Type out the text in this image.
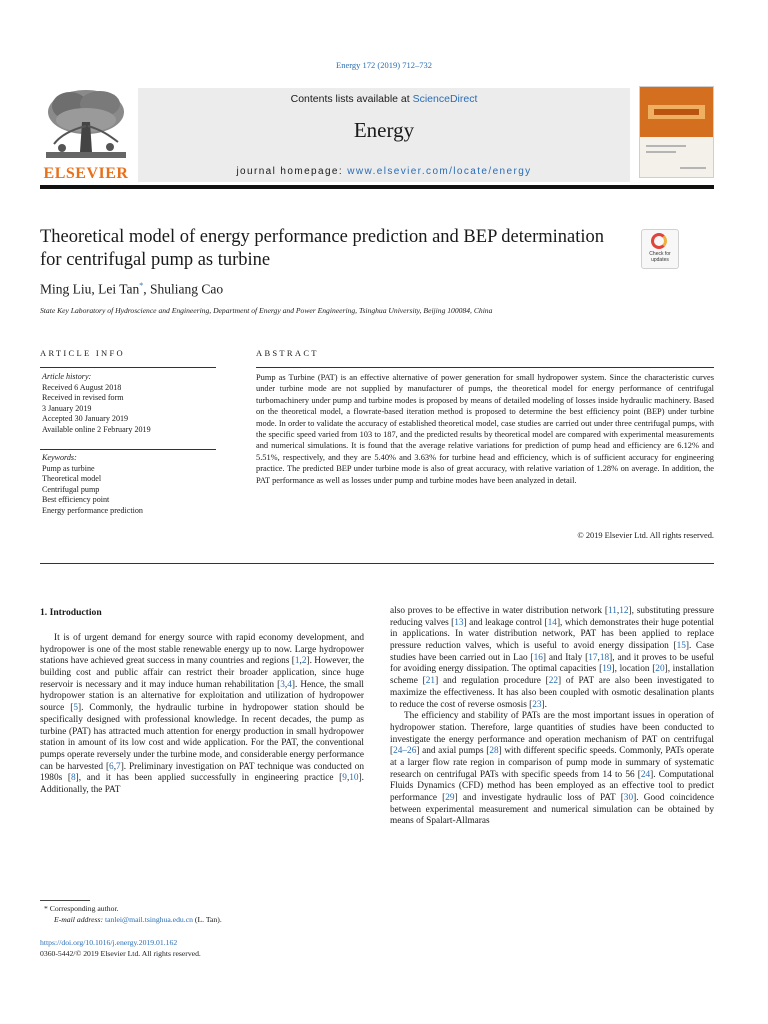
Energy 172 (2019) 712–732
ELSEVIER
Contents lists available at ScienceDirect
Energy
journal homepage: www.elsevier.com/locate/energy
Theoretical model of energy performance prediction and BEP determination for centrifugal pump as turbine	Check for updates
Ming Liu, Lei Tan*, Shuliang Cao
State Key Laboratory of Hydroscience and Engineering, Department of Energy and Power Engineering, Tsinghua University, Beijing 100084, China
ARTICLE INFO	ABSTRACT
Article history:
Received 6 August 2018
Received in revised form
3 January 2019
Accepted 30 January 2019
Available online 2 February 2019
Keywords:
Pump as turbine
Theoretical model
Centrifugal pump
Best efficiency point
Energy performance prediction
Pump as Turbine (PAT) is an effective alternative of power generation for small hydropower system. Since the characteristic curves under turbine mode are not supplied by manufacturer of pumps, the theoretical model for energy performance of centrifugal turbomachinery under pump and turbine modes is proposed by means of detailed modeling of losses inside hydraulic machinery. Based on the theoretical model, a flowrate-based iteration method is proposed to determine the best efficiency point (BEP) under turbine mode. In order to validate the accuracy of established theoretical model, case studies are carried out under three centrifugal pumps, with the specific speed varied from 103 to 187, and the predicted results by theoretical model are compared with experimental measurements and numerical simulations. It is found that the average relative variations for prediction of pump head and efficiency are 6.12% and 5.51%, respectively, and they are 5.40% and 3.63% for turbine head and efficiency, which is of sufficient accuracy for engineering practice. The predicted BEP under turbine mode is also of great accuracy, with relative variation of 1.28% on average. In addition, the PAT performance as well as losses under pump and turbine modes have been analyzed in detail.
© 2019 Elsevier Ltd. All rights reserved.
1. Introduction

It is of urgent demand for energy source with rapid economy development, and hydropower is one of the most stable renewable energy up to now. Large hydropower stations have achieved great success in many countries and regions [1,2]. However, the building cost and public affair can restrict their broader application, since huge reservoir is necessary and it may induce human rehabilitation [3,4]. Hence, the small hydropower station is an alternative for exploitation and utilization of hydropower source [5]. Commonly, the hydraulic turbine in hydropower station should be specifically designed with professional knowledge. In recent decades, the pump as turbine (PAT) has attracted much attention for energy production in small hydropower station in amount of its low cost and wide application. For the PAT, the conventional pumps operate reversely under the turbine mode, and considerable energy performance can be harvested [6,7]. Preliminary investigation on PAT technique was conducted on 1980s [8], and it has been applied successfully in engineering practice [9,10]. Additionally, the PAT

also proves to be effective in water distribution network [11,12], substituting pressure reducing valves [13] and leakage control [14], which demonstrates their huge potential in applications. In water distribution network, PAT has been applied to replace pressure reduction valves, which is useful to avoid energy dissipation [15]. Case studies have been carried out in Lao [16] and Italy [17,18], and it proves to be useful for avoiding energy dissipation. The optimal capacities [19], location [20], installation scheme [21] and regulation procedure [22] of PAT are also been investigated to maximize the effectiveness. It has also been coupled with osmotic desalination plants to reduce the cost of reverse osmosis [23].

The efficiency and stability of PATs are the most important issues in operation of hydropower station. Therefore, large quantities of studies have been conducted to investigate the energy performance and operation mechanism of PAT on centrifugal [24‒26] and axial pumps [28] with different specific speeds. Commonly, PATs operate at a larger flow rate region in comparison of pump mode in summary of systematic research on centrifugal PATs with specific speeds from 14 to 56 [24]. Computational Fluids Dynamics (CFD) method has been employed as an effective tool to predict performance [29] and investigate hydraulic loss of PAT [30]. Good coincidence between experimental measurement and numerical simulation can be obtained by means of Spalart-Allmaras

* Corresponding author.
E-mail address: tanlei@mail.tsinghua.edu.cn (L. Tan).
https://doi.org/10.1016/j.energy.2019.01.162
0360-5442/© 2019 Elsevier Ltd. All rights reserved.
